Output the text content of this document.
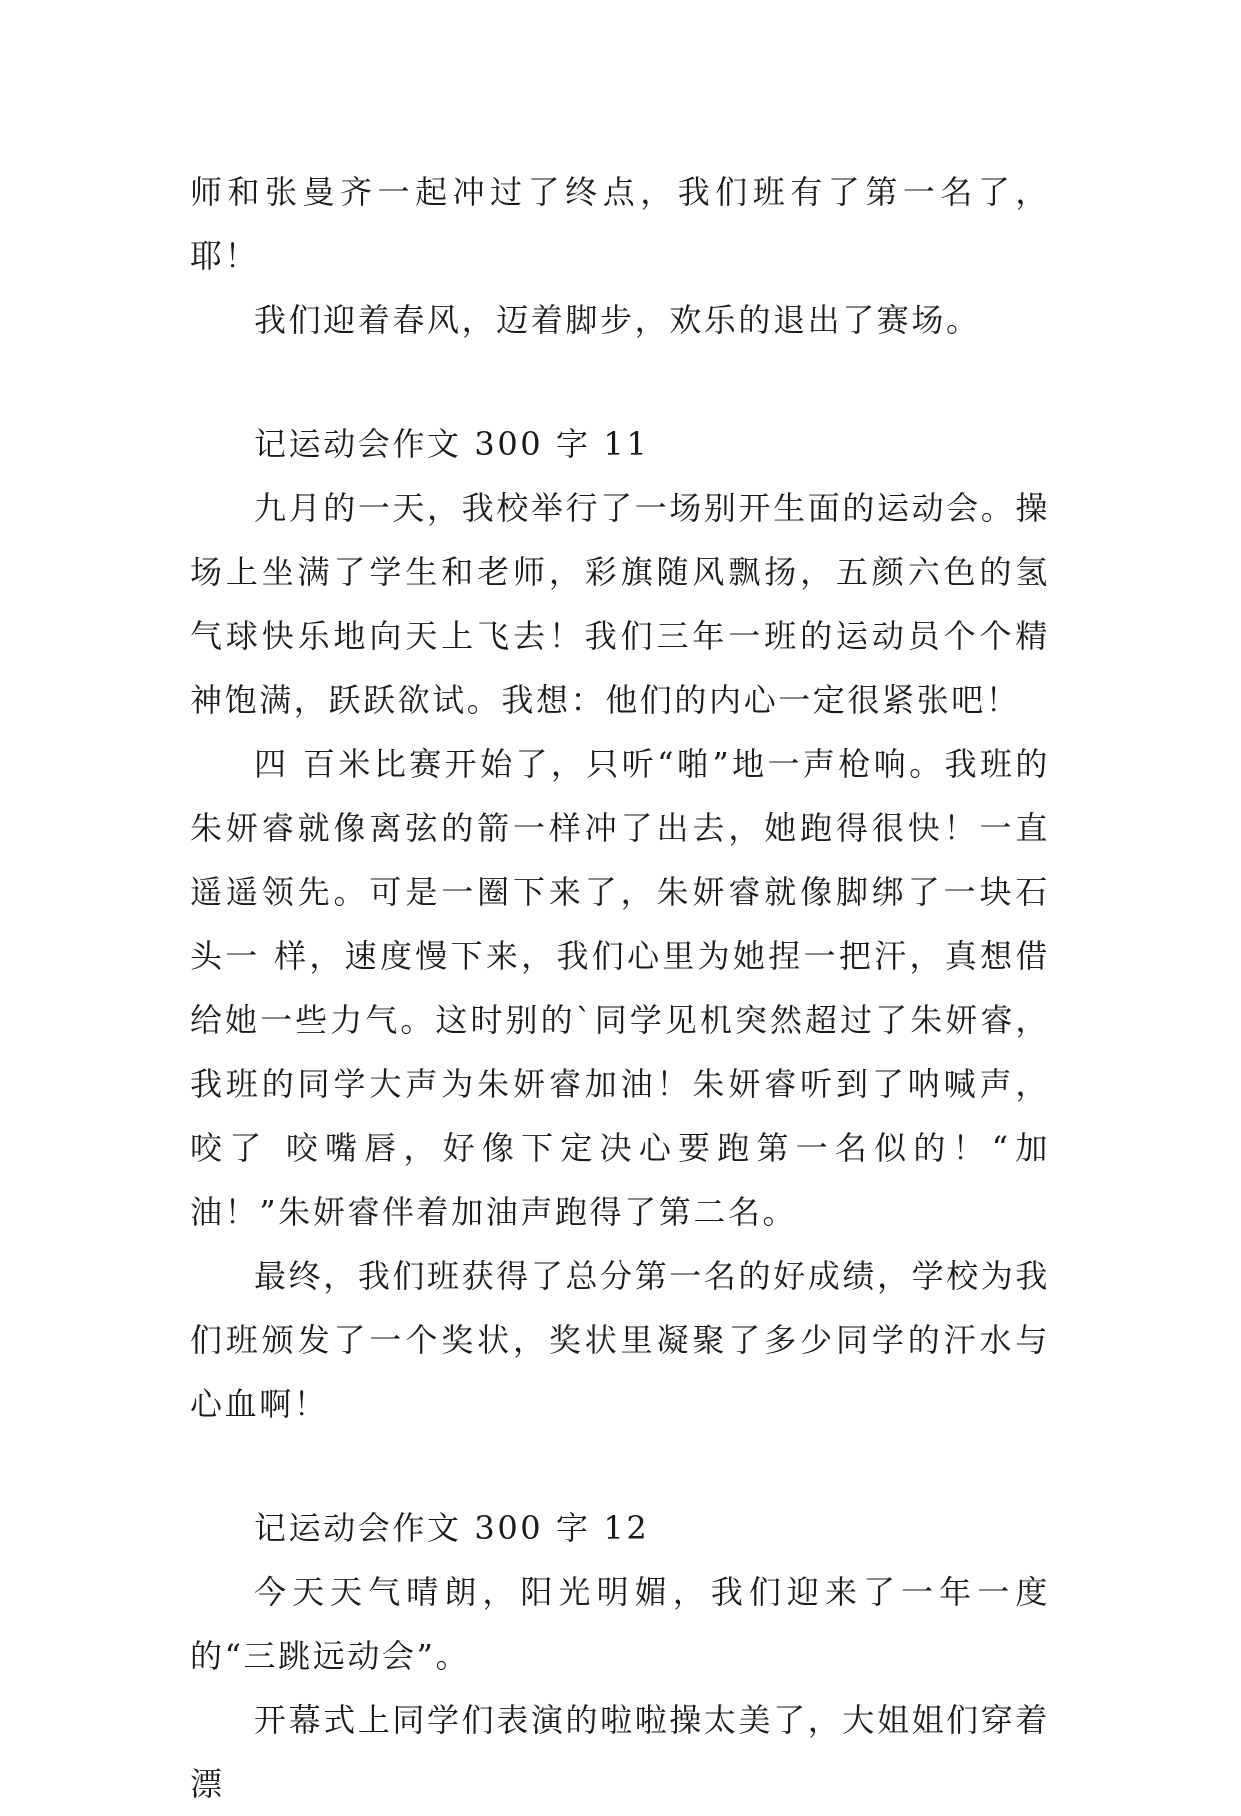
师和张曼齐一起冲过了终点，我们班有了第一名了，耶！

我们迎着春风，迈着脚步，欢乐的退出了赛场。

记运动会作文 300 字 11

九月的一天，我校举行了一场别开生面的运动会。操场上坐满了学生和老师，彩旗随风飘扬，五颜六色的氢气球快乐地向天上飞去！我们三年一班的运动员个个精神饱满，跃跃欲试。我想：他们的内心一定很紧张吧！

四 百米比赛开始了，只听“啪”地一声枪响。我班的朱妍睿就像离弦的箭一样冲了出去，她跑得很快！一直遥遥领先。可是一圈下来了，朱妍睿就像脚绑了一块石头一 样，速度慢下来，我们心里为她捏一把汗，真想借给她一些力气。这时别的`同学见机突然超过了朱妍睿，我班的同学大声为朱妍睿加油！朱妍睿听到了呐喊声，咬了 咬嘴唇，好像下定决心要跑第一名似的！“加油！”朱妍睿伴着加油声跑得了第二名。

最终，我们班获得了总分第一名的好成绩，学校为我们班颁发了一个奖状，奖状里凝聚了多少同学的汗水与心血啊！

记运动会作文 300 字 12

今天天气晴朗，阳光明媚，我们迎来了一年一度的“三跳远动会”。

开幕式上同学们表演的啦啦操太美了，大姐姐们穿着漂
